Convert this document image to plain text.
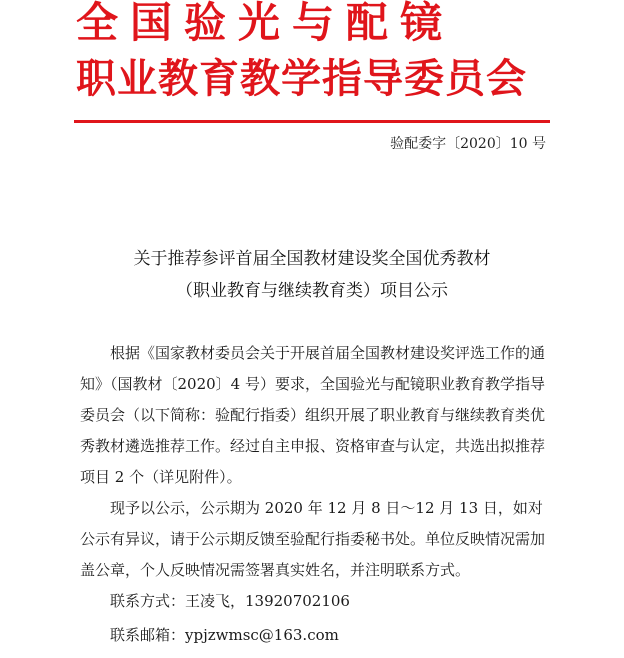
全国验光与配镜
职业教育教学指导委员会
验配委字〔2020〕10 号
关于推荐参评首届全国教材建设奖全国优秀教材
（职业教育与继续教育类）项目公示

根据《国家教材委员会关于开展首届全国教材建设奖评选工作的通知》（国教材〔2020〕4 号）要求，全国验光与配镜职业教育教学指导委员会（以下简称：验配行指委）组织开展了职业教育与继续教育类优秀教材遴选推荐工作。经过自主申报、资格审查与认定，共选出拟推荐项目 2 个（详见附件）。

现予以公示，公示期为 2020 年 12 月 8 日～12 月 13 日，如对公示有异议，请于公示期反馈至验配行指委秘书处。单位反映情况需加盖公章，个人反映情况需签署真实姓名，并注明联系方式。

联系方式：王凌飞，13920702106

联系邮箱：ypjzwmsc@163.com
